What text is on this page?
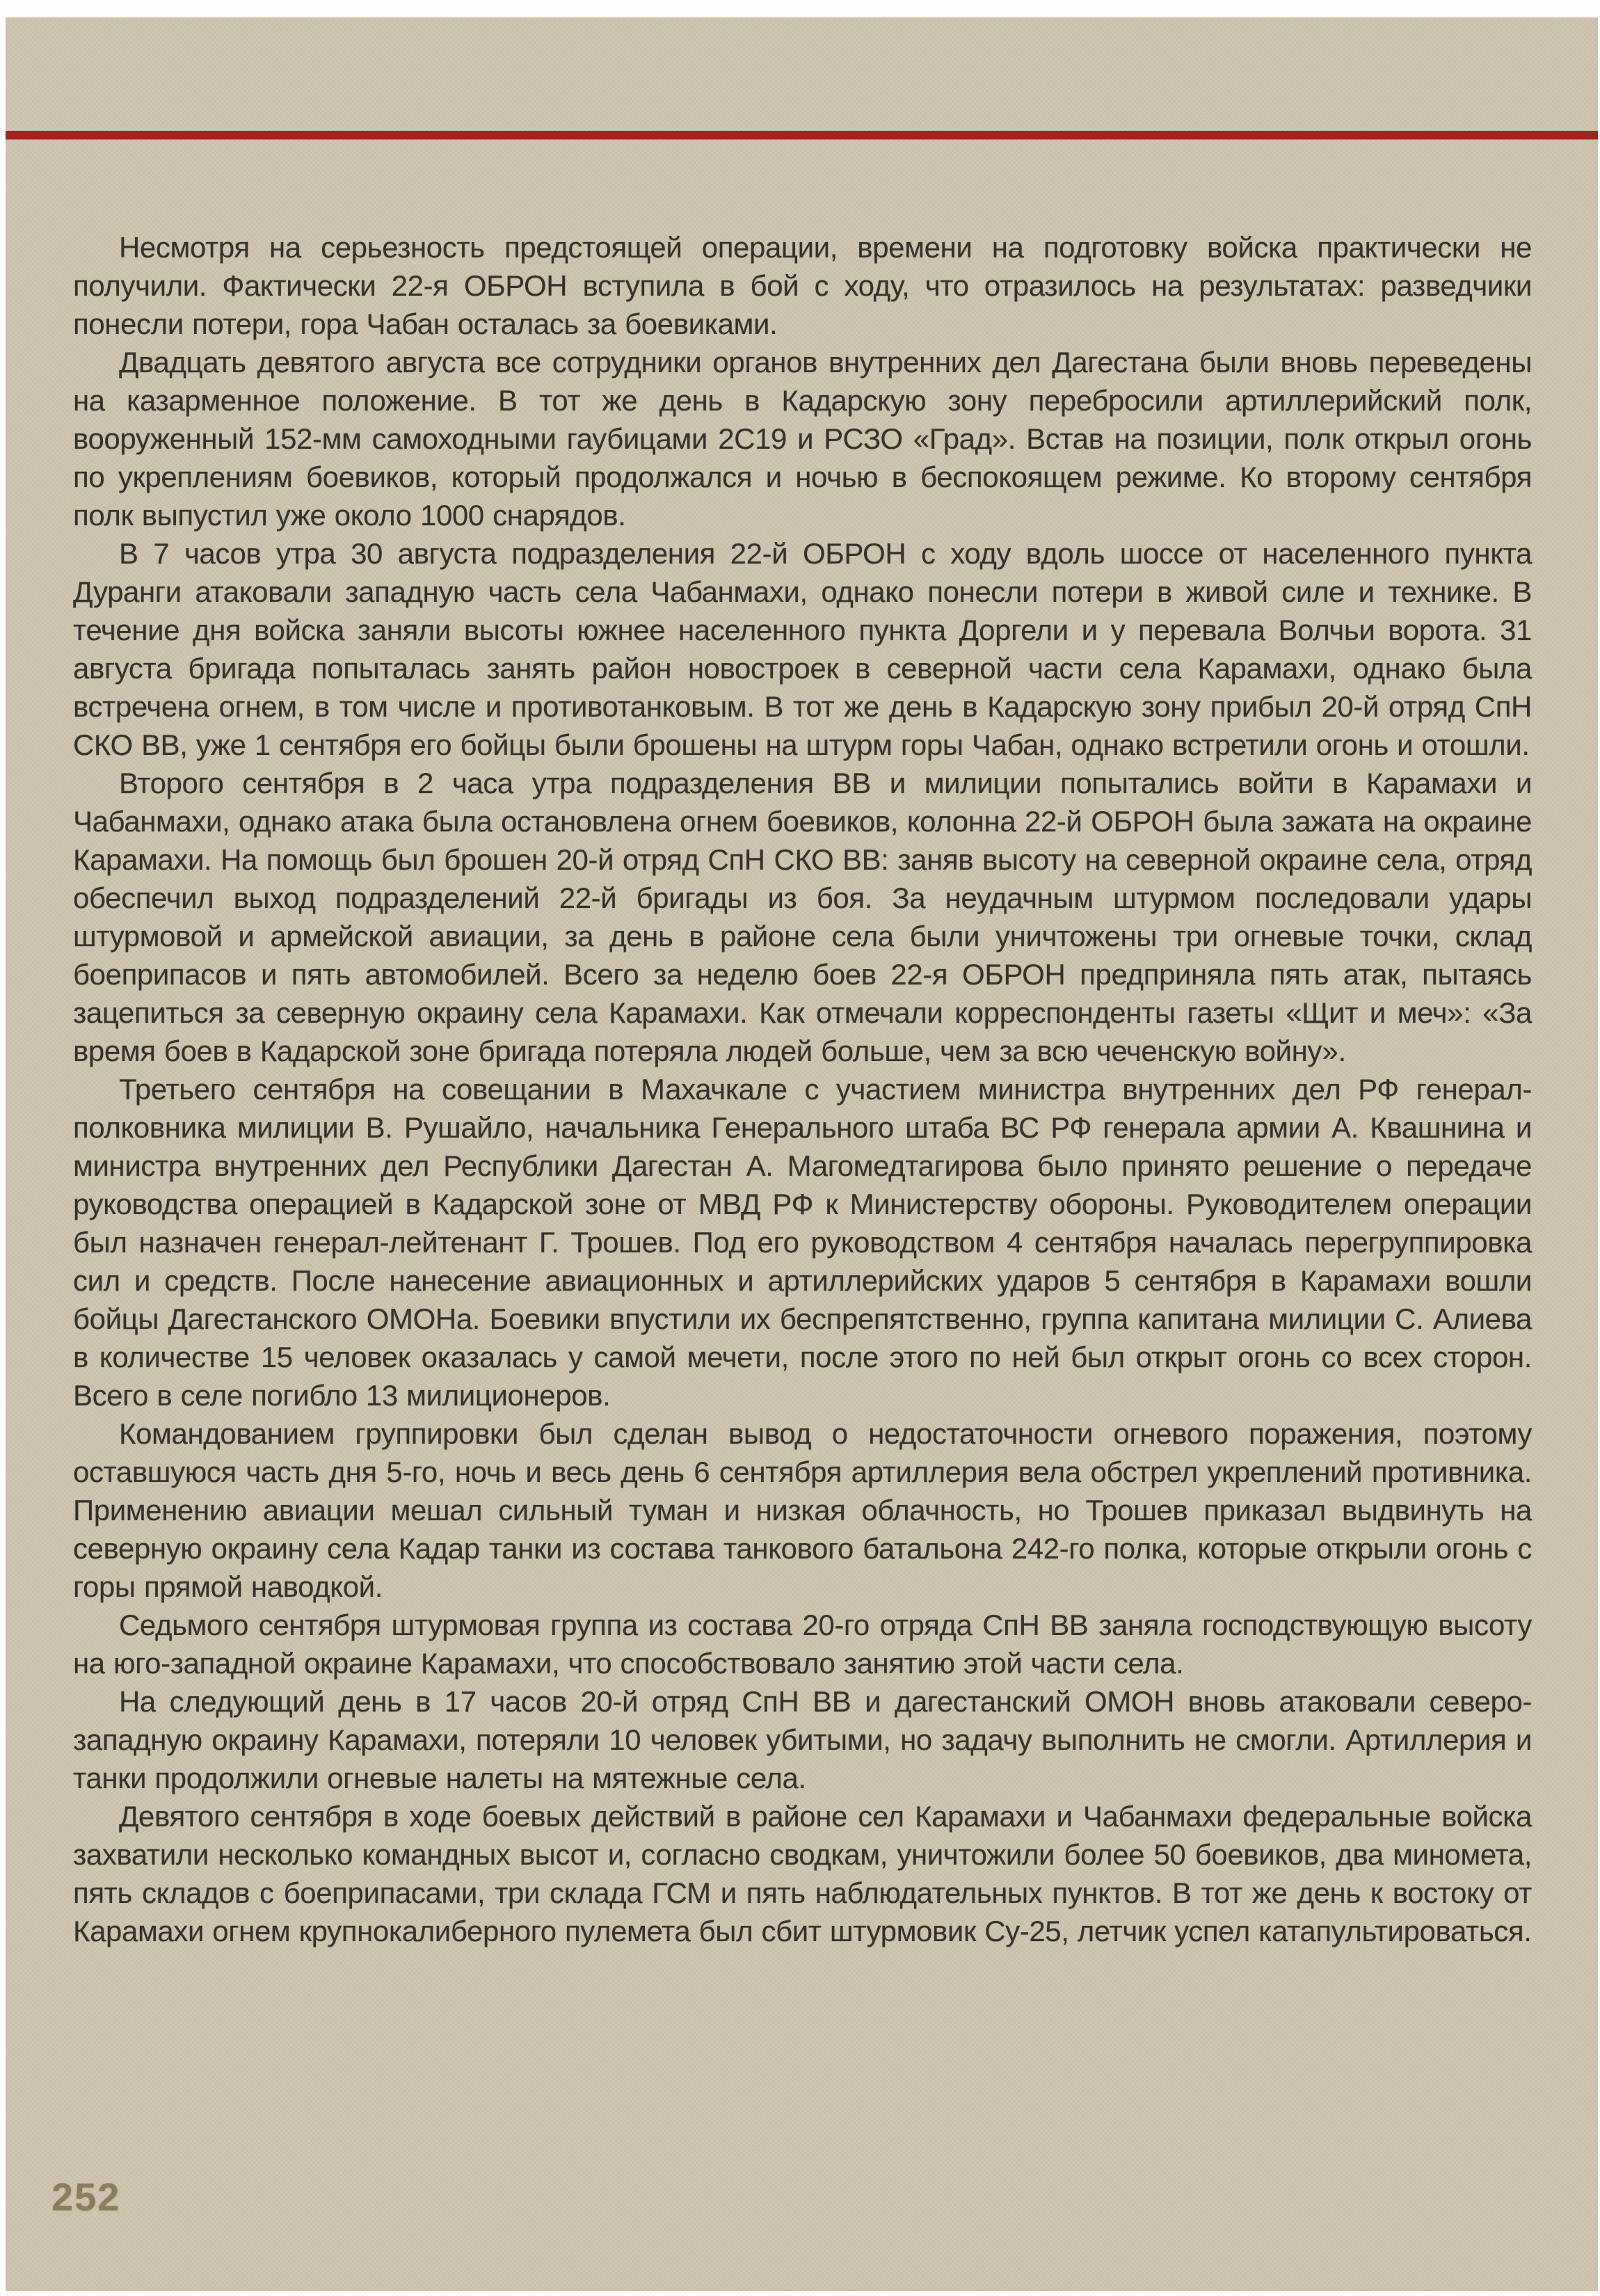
Несмотря на серьезность предстоящей операции, времени на подготовку войска практически не получили. Фактически 22-я ОБРОН вступила в бой с ходу, что отразилось на результатах: разведчики понесли потери, гора Чабан осталась за боевиками.

Двадцать девятого августа все сотрудники органов внутренних дел Дагестана были вновь переведены на казарменное положение. В тот же день в Кадарскую зону перебросили артиллерийский полк, вооруженный 152-мм самоходными гаубицами 2С19 и РСЗО «Град». Встав на позиции, полк открыл огонь по укреплениям боевиков, который продолжался и ночью в беспокоящем режиме. Ко второму сентября полк выпустил уже около 1000 снарядов.

В 7 часов утра 30 августа подразделения 22-й ОБРОН с ходу вдоль шоссе от населенного пункта Дуранги атаковали западную часть села Чабанмахи, однако понесли потери в живой силе и технике. В течение дня войска заняли высоты южнее населенного пункта Доргели и у перевала Волчьи ворота. 31 августа бригада попыталась занять район новостроек в северной части села Карамахи, однако была встречена огнем, в том числе и противотанковым. В тот же день в Кадарскую зону прибыл 20-й отряд СпН СКО ВВ, уже 1 сентября его бойцы были брошены на штурм горы Чабан, однако встретили огонь и отошли.

Второго сентября в 2 часа утра подразделения ВВ и милиции попытались войти в Карамахи и Чабанмахи, однако атака была остановлена огнем боевиков, колонна 22-й ОБРОН была зажата на окраине Карамахи. На помощь был брошен 20-й отряд СпН СКО ВВ: заняв высоту на северной окраине села, отряд обеспечил выход подразделений 22-й бригады из боя. За неудачным штурмом последовали удары штурмовой и армейской авиации, за день в районе села были уничтожены три огневые точки, склад боеприпасов и пять автомобилей. Всего за неделю боев 22-я ОБРОН предприняла пять атак, пытаясь зацепиться за северную окраину села Карамахи. Как отмечали корреспонденты газеты «Щит и меч»: «За время боев в Кадарской зоне бригада потеряла людей больше, чем за всю чеченскую войну».

Третьего сентября на совещании в Махачкале с участием министра внутренних дел РФ генерал-полковника милиции В. Рушайло, начальника Генерального штаба ВС РФ генерала армии А. Квашнина и министра внутренних дел Республики Дагестан А. Магомедтагирова было принято решение о передаче руководства операцией в Кадарской зоне от МВД РФ к Министерству обороны. Руководителем операции был назначен генерал-лейтенант Г. Трошев. Под его руководством 4 сентября началась перегруппировка сил и средств. После нанесение авиационных и артиллерийских ударов 5 сентября в Карамахи вошли бойцы Дагестанского ОМОНа. Боевики впустили их беспрепятственно, группа капитана милиции С. Алиева в количестве 15 человек оказалась у самой мечети, после этого по ней был открыт огонь со всех сторон. Всего в селе погибло 13 милиционеров.

Командованием группировки был сделан вывод о недостаточности огневого поражения, поэтому оставшуюся часть дня 5-го, ночь и весь день 6 сентября артиллерия вела обстрел укреплений противника. Применению авиации мешал сильный туман и низкая облачность, но Трошев приказал выдвинуть на северную окраину села Кадар танки из состава танкового батальона 242-го полка, которые открыли огонь с горы прямой наводкой.

Седьмого сентября штурмовая группа из состава 20-го отряда СпН ВВ заняла господствующую высоту на юго-западной окраине Карамахи, что способствовало занятию этой части села.

На следующий день в 17 часов 20-й отряд СпН ВВ и дагестанский ОМОН вновь атаковали северо-западную окраину Карамахи, потеряли 10 человек убитыми, но задачу выполнить не смогли. Артиллерия и танки продолжили огневые налеты на мятежные села.

Девятого сентября в ходе боевых действий в районе сел Карамахи и Чабанмахи федеральные войска захватили несколько командных высот и, согласно сводкам, уничтожили более 50 боевиков, два миномета, пять складов с боеприпасами, три склада ГСМ и пять наблюдательных пунктов. В тот же день к востоку от Карамахи огнем крупнокалиберного пулемета был сбит штурмовик Су-25, летчик успел катапультироваться.

252
